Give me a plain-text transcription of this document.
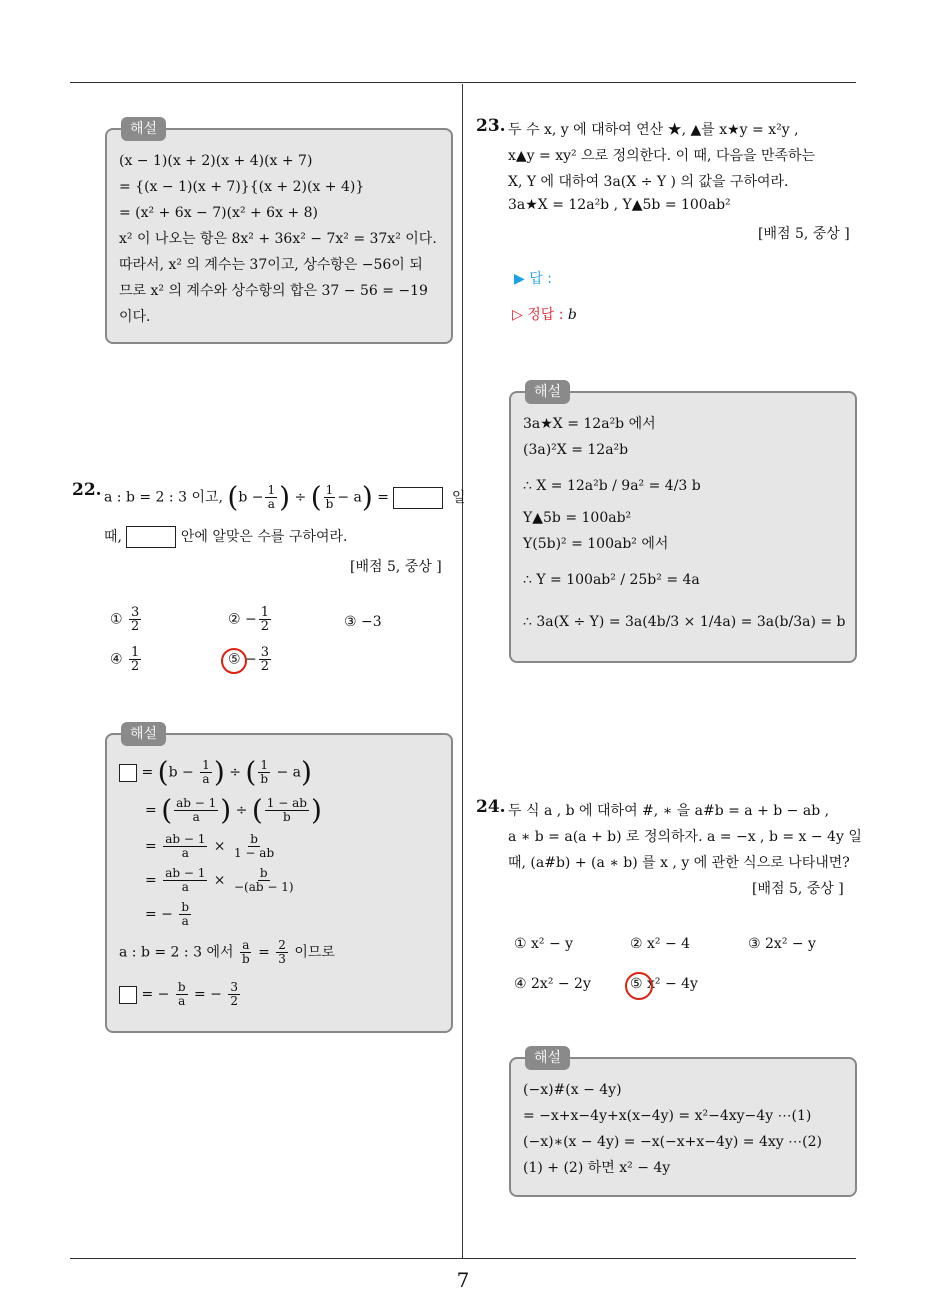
7
해설
(x − 1)(x + 2)(x + 4)(x + 7)
= {(x − 1)(x + 7)}{(x + 2)(x + 4)}
= (x² + 6x − 7)(x² + 6x + 8)
x² 이 나오는 항은 8x² + 36x² − 7x² = 37x² 이다.
따라서, x² 의 계수는 37이고, 상수항은 −56이 되
므로 x² 의 계수와 상수항의 합은 37 − 56 = −19
이다.
22. a : b = 2 : 3 이고, ($b - \frac{1}{a}$ ) ÷ ( $\frac{1}{b} - a$) =	일
때,	안에 알맞은 수를 구하여라.
[배점 5, 중상 ]
① $\frac{3}{2}$	② − $\frac{1}{2}$	③ −3
④ $\frac{1}{2}$	⑤ − $\frac{3}{2}$
해설
= ($b - \frac{1}{a}$ ) ÷ ( $\frac{1}{b} - a$)
= ( $\frac{ab - 1}{a}$ ) ÷ ( $\frac{1 - ab}{b}$ )
= $\frac{ab - 1}{a} \times \frac{b}{1 - ab}$
= $\frac{ab - 1}{a} \times \frac{b}{-(ab - 1)}$
= − $\frac{b}{a}$
a : b = 2 : 3 에서 $\frac{a}{b} = \frac{2}{3}$ 이므로
= − $\frac{b}{a}$ = − $\frac{3}{2}$
23. 두 수 x, y 에 대하여 연산 ★, ▲를 x★y = x²y ,
x▲y = xy² 으로 정의한다. 이 때, 다음을 만족하는
X, Y 에 대하여 3a(X ÷ Y ) 의 값을 구하여라.
3a★X = 12a²b , Y▲5b = 100ab²
[배점 5, 중상 ]
▶ 답 :
▷ 정답 : b
해설
3a★X = 12a²b 에서
(3a)²X = 12a²b
∴ X = 12a²b / 9a² = 4/3 b
Y▲5b = 100ab²
Y(5b)² = 100ab² 에서
∴ Y = 100ab² / 25b² = 4a
∴ 3a(X ÷ Y) = 3a(4b/3 × 1/4a) = 3a(b/3a) = b
24. 두 식 a , b 에 대하여 #, ∗ 을 a#b = a + b − ab ,
a ∗ b = a(a + b) 로 정의하자. a = −x , b = x − 4y 일
때, (a#b) + (a ∗ b) 를 x , y 에 관한 식으로 나타내면?
[배점 5, 중상 ]
① x² − y	② x² − 4	③ 2x² − y
④ 2x² − 2y	⑤ x² − 4y
해설
(−x)#(x − 4y)
= −x+x−4y+x(x−4y) = x²−4xy−4y ⋯(1)
(−x)∗(x − 4y) = −x(−x+x−4y) = 4xy ⋯(2)
(1) + (2) 하면 x² − 4y
